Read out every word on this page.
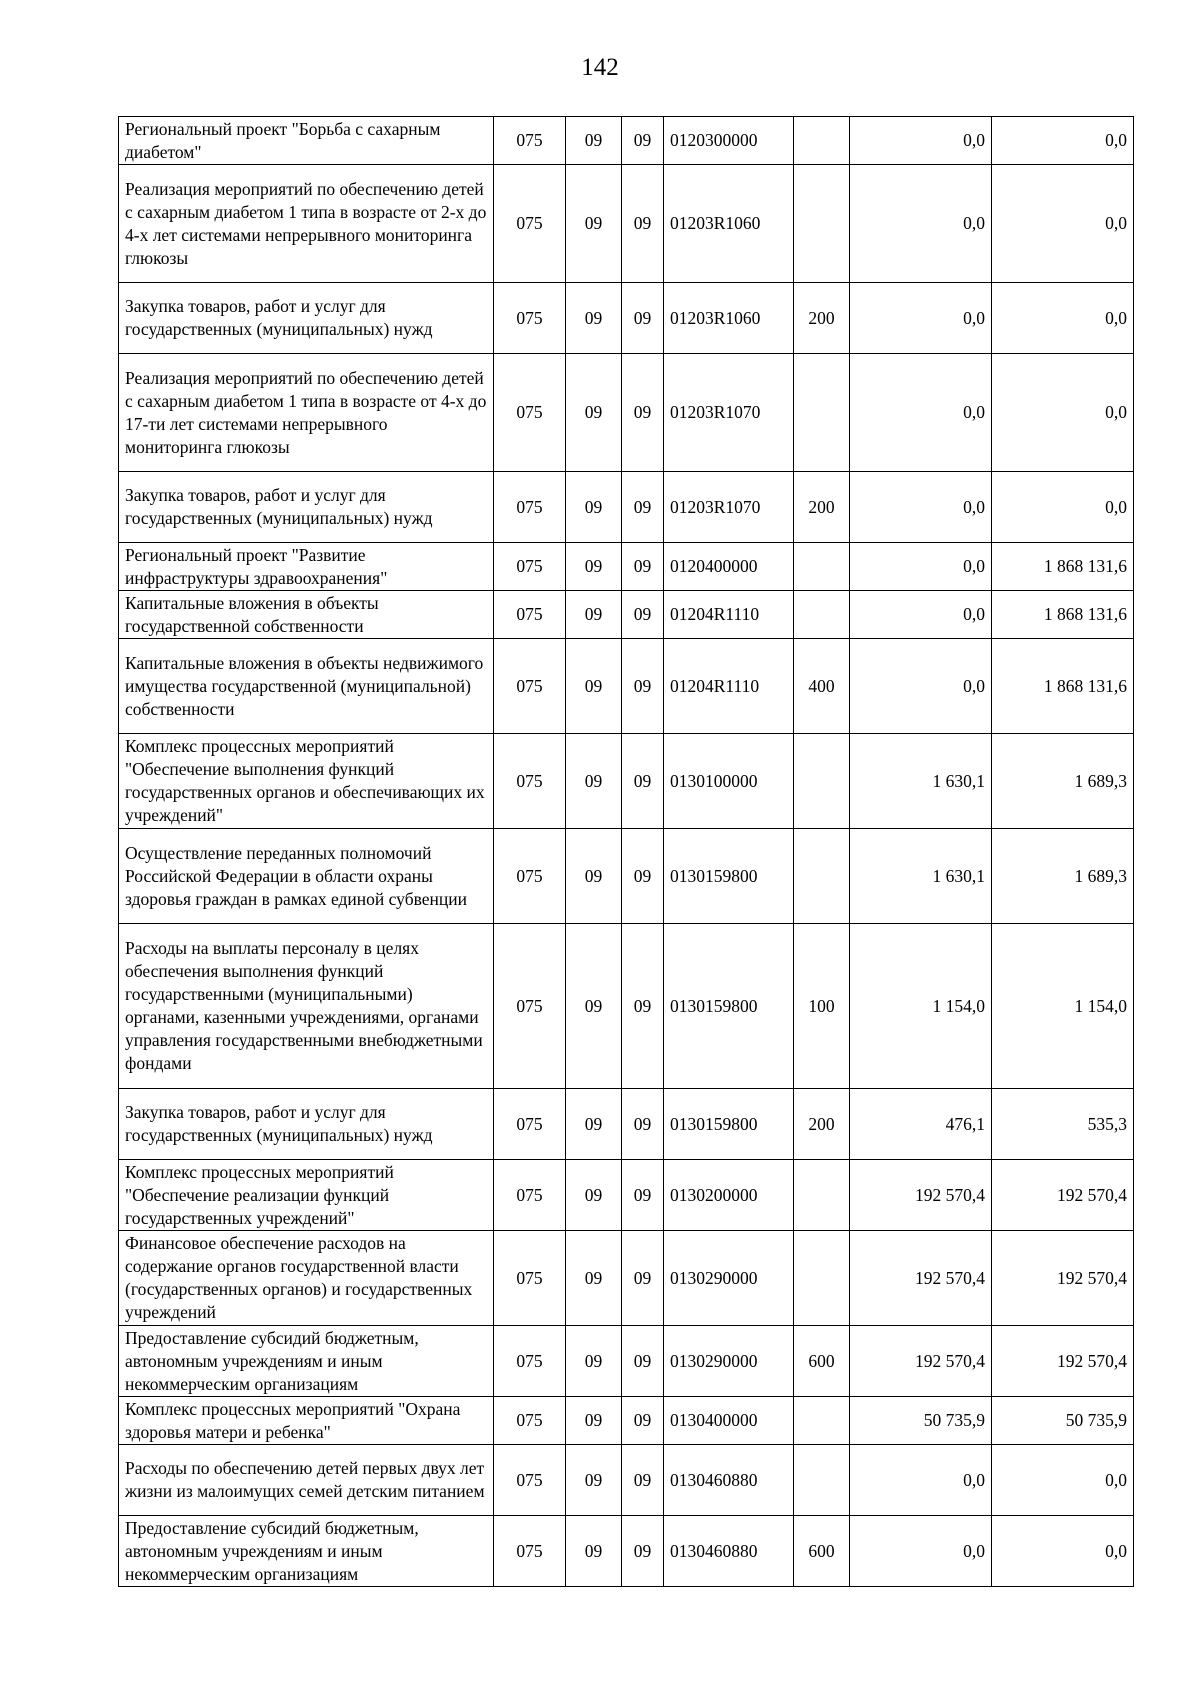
142
Региональный проект "Борьба с сахарным диабетом"	075	09	09	0120300000		0,0	0,0
Реализация мероприятий по обеспечению детей с сахарным диабетом 1 типа в возрасте от 2-х до 4-х лет системами непрерывного мониторинга глюкозы	075	09	09	01203R1060		0,0	0,0
Закупка товаров, работ и услуг для государственных (муниципальных) нужд	075	09	09	01203R1060	200	0,0	0,0
Реализация мероприятий по обеспечению детей с сахарным диабетом 1 типа в возрасте от 4-х до 17-ти лет системами непрерывного мониторинга глюкозы	075	09	09	01203R1070		0,0	0,0
Закупка товаров, работ и услуг для государственных (муниципальных) нужд	075	09	09	01203R1070	200	0,0	0,0
Региональный проект "Развитие инфраструктуры здравоохранения"	075	09	09	0120400000		0,0	1 868 131,6
Капитальные вложения в объекты государственной собственности	075	09	09	01204R1110		0,0	1 868 131,6
Капитальные вложения в объекты недвижимого имущества государственной (муниципальной) собственности	075	09	09	01204R1110	400	0,0	1 868 131,6
Комплекс процессных мероприятий "Обеспечение выполнения функций государственных органов и обеспечивающих их учреждений"	075	09	09	0130100000		1 630,1	1 689,3
Осуществление переданных полномочий Российской Федерации в области охраны здоровья граждан в рамках единой субвенции	075	09	09	0130159800		1 630,1	1 689,3
Расходы на выплаты персоналу в целях обеспечения выполнения функций государственными (муниципальными) органами, казенными учреждениями, органами управления государственными внебюджетными фондами	075	09	09	0130159800	100	1 154,0	1 154,0
Закупка товаров, работ и услуг для государственных (муниципальных) нужд	075	09	09	0130159800	200	476,1	535,3
Комплекс процессных мероприятий "Обеспечение реализации функций государственных учреждений"	075	09	09	0130200000		192 570,4	192 570,4
Финансовое обеспечение расходов на содержание органов государственной власти (государственных органов) и государственных учреждений	075	09	09	0130290000		192 570,4	192 570,4
Предоставление субсидий бюджетным, автономным учреждениям и иным некоммерческим организациям	075	09	09	0130290000	600	192 570,4	192 570,4
Комплекс процессных мероприятий "Охрана здоровья матери и ребенка"	075	09	09	0130400000		50 735,9	50 735,9
Расходы по обеспечению детей первых двух лет жизни из малоимущих семей детским питанием	075	09	09	0130460880		0,0	0,0
Предоставление субсидий бюджетным, автономным учреждениям и иным некоммерческим организациям	075	09	09	0130460880	600	0,0	0,0
